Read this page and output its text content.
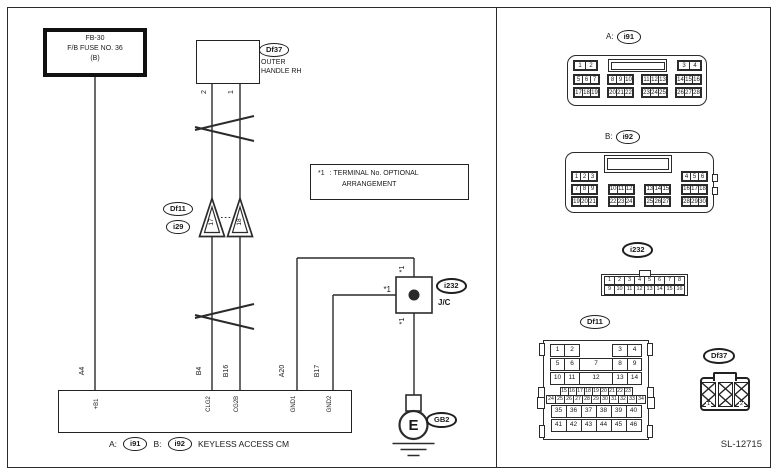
FB-30
F/B FUSE NO. 36
(B)
Df37
OUTER
HANDLE RH
2	1
*1 : TERMINAL No. OPTIONAL
ARRANGEMENT
Df11
i29	17	18
*1
*1
*1	i232
J/C
E	GB2
A4	B4	B16	A20	B17
+B1	CLG2	CG2B	GND1	GND2
A:	i91	B:	i92	KEYLESS ACCESS CM
A:	i91
1	2	3	4
5 6 7	8 9 10 11 12 13 14 15 16
17 18 19 20 21 22 23 24 25 26 27 28
B:	i92
1 2 3	4 5 6
7 8 9	10 11 12 13 14 15 16 17 18
19 20 21 22 23 24 25 26 27 28 29 30
i232
1	2	3	4	5	6	7	8
9 10 11 12 13 14 15 16
Df11
1	2	3	4
5	6	7	8	9
10	11	12	13	14
15 16 17 18 19 20 21 22 23
24 25 26 27 28 29 30 31 32 33 34
35	36	37	38	39	40
41	42	43	44	45	46
Df37
1	2
SL-12715
